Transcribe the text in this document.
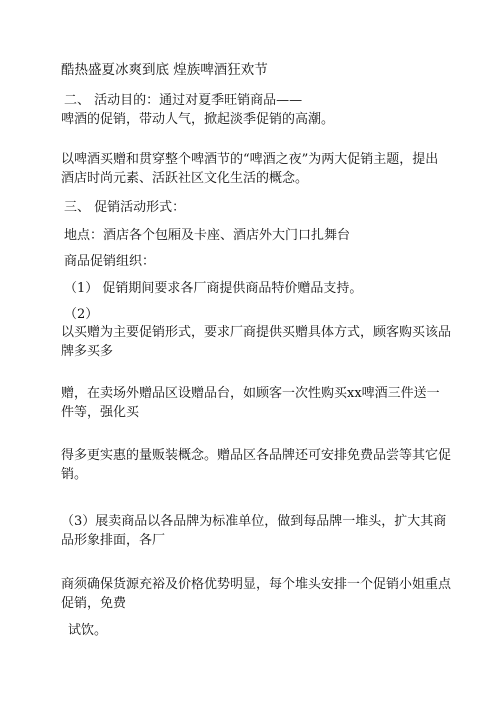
酷热盛夏冰爽到底 煌族啤酒狂欢节
二、 活动目的：通过对夏季旺销商品——
啤酒的促销，带动人气，掀起淡季促销的高潮。
以啤酒买赠和贯穿整个啤酒节的“啤酒之夜”为两大促销主题，提出酒店时尚元素、活跃社区文化生活的概念。
三、 促销活动形式：
地点：酒店各个包厢及卡座、酒店外大门口扎舞台
商品促销组织：
（1） 促销期间要求各厂商提供商品特价赠品支持。
（2）
以买赠为主要促销形式，要求厂商提供买赠具体方式，顾客购买该品牌多买多
赠，在卖场外赠品区设赠品台，如顾客一次性购买xx啤酒三件送一件等，强化买
得多更实惠的量贩装概念。赠品区各品牌还可安排免费品尝等其它促销。
（3）展卖商品以各品牌为标准单位，做到每品牌一堆头，扩大其商品形象排面，各厂
商须确保货源充裕及价格优势明显，每个堆头安排一个促销小姐重点促销，免费
试饮。
